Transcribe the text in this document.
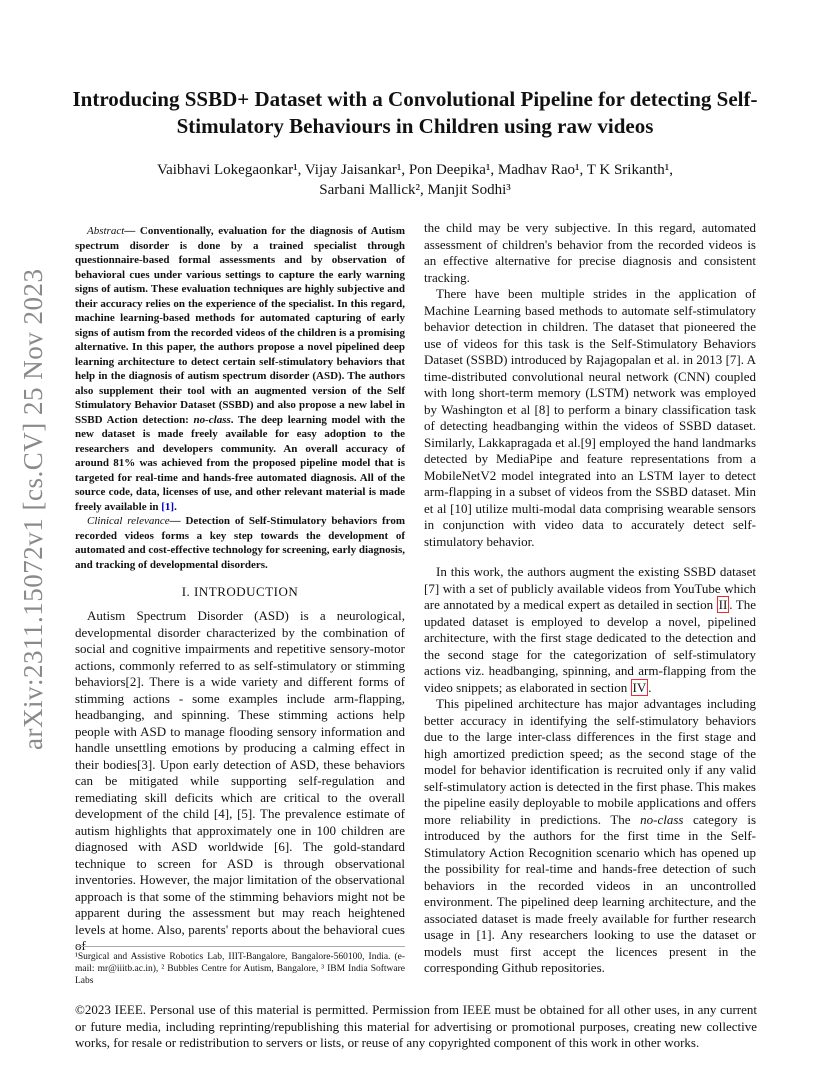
arXiv:2311.15072v1 [cs.CV] 25 Nov 2023
Introducing SSBD+ Dataset with a Convolutional Pipeline for detecting Self-Stimulatory Behaviours in Children using raw videos
Vaibhavi Lokegaonkar¹, Vijay Jaisankar¹, Pon Deepika¹, Madhav Rao¹, T K Srikanth¹,
Sarbani Mallick², Manjit Sodhi³

Abstract— Conventionally, evaluation for the diagnosis of Autism spectrum disorder is done by a trained specialist through questionnaire-based formal assessments and by observation of behavioral cues under various settings to capture the early warning signs of autism. These evaluation techniques are highly subjective and their accuracy relies on the experience of the specialist. In this regard, machine learning-based methods for automated capturing of early signs of autism from the recorded videos of the children is a promising alternative. In this paper, the authors propose a novel pipelined deep learning architecture to detect certain self-stimulatory behaviors that help in the diagnosis of autism spectrum disorder (ASD). The authors also supplement their tool with an augmented version of the Self Stimulatory Behavior Dataset (SSBD) and also propose a new label in SSBD Action detection: no-class. The deep learning model with the new dataset is made freely available for easy adoption to the researchers and developers community. An overall accuracy of around 81% was achieved from the proposed pipeline model that is targeted for real-time and hands-free automated diagnosis. All of the source code, data, licenses of use, and other relevant material is made freely available in [1].

Clinical relevance— Detection of Self-Stimulatory behaviors from recorded videos forms a key step towards the development of automated and cost-effective technology for screening, early diagnosis, and tracking of developmental disorders.

I. INTRODUCTION

Autism Spectrum Disorder (ASD) is a neurological, developmental disorder characterized by the combination of social and cognitive impairments and repetitive sensory-motor actions, commonly referred to as self-stimulatory or stimming behaviors[2]. There is a wide variety and different forms of stimming actions - some examples include arm-flapping, headbanging, and spinning. These stimming actions help people with ASD to manage flooding sensory information and handle unsettling emotions by producing a calming effect in their bodies[3]. Upon early detection of ASD, these behaviors can be mitigated while supporting self-regulation and remediating skill deficits which are critical to the overall development of the child [4], [5]. The prevalence estimate of autism highlights that approximately one in 100 children are diagnosed with ASD worldwide [6]. The gold-standard technique to screen for ASD is through observational inventories. However, the major limitation of the observational approach is that some of the stimming behaviors might not be apparent during the assessment but may reach heightened levels at home. Also, parents' reports about the behavioral cues of

¹Surgical and Assistive Robotics Lab, IIIT-Bangalore, Bangalore-560100, India. (e-mail: mr@iiitb.ac.in), ² Bubbles Centre for Autism, Bangalore, ³ IBM India Software Labs

the child may be very subjective. In this regard, automated assessment of children's behavior from the recorded videos is an effective alternative for precise diagnosis and consistent tracking.

There have been multiple strides in the application of Machine Learning based methods to automate self-stimulatory behavior detection in children. The dataset that pioneered the use of videos for this task is the Self-Stimulatory Behaviors Dataset (SSBD) introduced by Rajagopalan et al. in 2013 [7]. A time-distributed convolutional neural network (CNN) coupled with long short-term memory (LSTM) network was employed by Washington et al [8] to perform a binary classification task of detecting headbanging within the videos of SSBD dataset. Similarly, Lakkapragada et al.[9] employed the hand landmarks detected by MediaPipe and feature representations from a MobileNetV2 model integrated into an LSTM layer to detect arm-flapping in a subset of videos from the SSBD dataset. Min et al [10] utilize multi-modal data comprising wearable sensors in conjunction with video data to accurately detect self-stimulatory behavior.

In this work, the authors augment the existing SSBD dataset [7] with a set of publicly available videos from YouTube which are annotated by a medical expert as detailed in section II . The updated dataset is employed to develop a novel, pipelined architecture, with the first stage dedicated to the detection and the second stage for the categorization of self-stimulatory actions viz. headbanging, spinning, and arm-flapping from the video snippets; as elaborated in section IV .

This pipelined architecture has major advantages including better accuracy in identifying the self-stimulatory behaviors due to the large inter-class differences in the first stage and high amortized prediction speed; as the second stage of the model for behavior identification is recruited only if any valid self-stimulatory action is detected in the first phase. This makes the pipeline easily deployable to mobile applications and offers more reliability in predictions. The no-class category is introduced by the authors for the first time in the Self-Stimulatory Action Recognition scenario which has opened up the possibility for real-time and hands-free detection of such behaviors in the recorded videos in an uncontrolled environment. The pipelined deep learning architecture, and the associated dataset is made freely available for further research usage in [1]. Any researchers looking to use the dataset or models must first accept the licences present in the corresponding Github repositories.

©2023 IEEE. Personal use of this material is permitted. Permission from IEEE must be obtained for all other uses, in any current or future media, including reprinting/republishing this material for advertising or promotional purposes, creating new collective works, for resale or redistribution to servers or lists, or reuse of any copyrighted component of this work in other works.
